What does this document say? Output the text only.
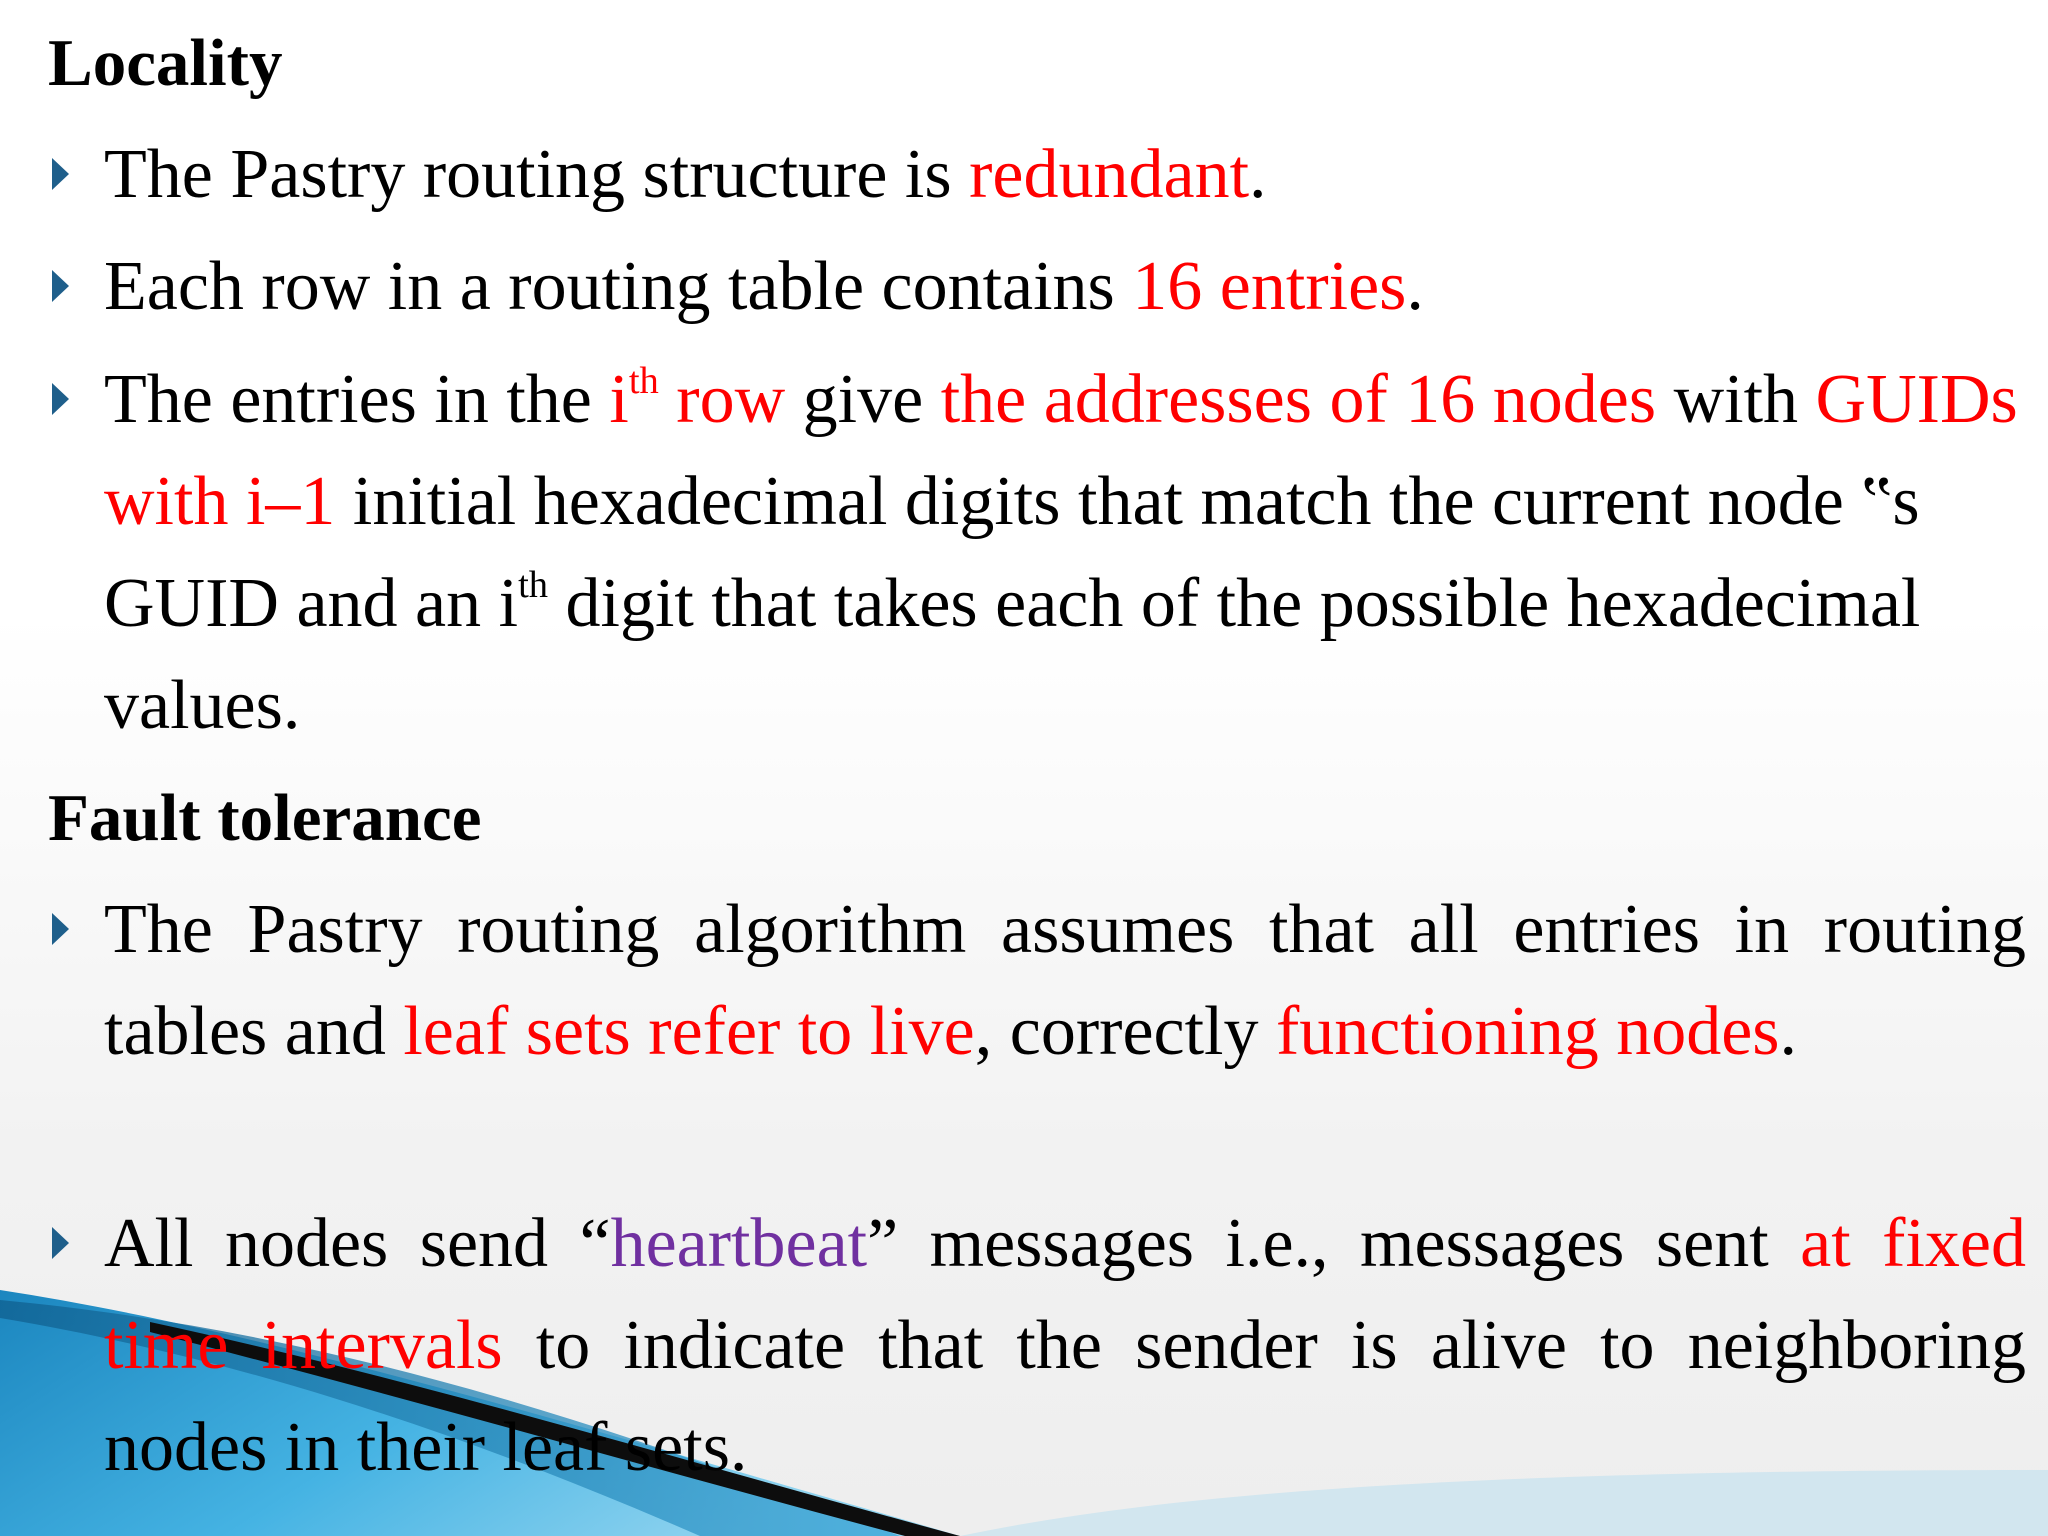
Locality
The Pastry routing structure is redundant.
Each row in a routing table contains 16 entries.
The entries in the $i^{th}$ row give the addresses of 16 nodes with GUIDs with i–1 initial hexadecimal digits that match the current node ‟s GUID and an $i^{th}$ digit that takes each of the possible hexadecimal values.
Fault tolerance
The Pastry routing algorithm assumes that all entries in routing tables and leaf sets refer to live, correctly functioning nodes.
All nodes send “heartbeat” messages i.e., messages sent at fixed time intervals to indicate that the sender is alive to neighboring nodes in their leaf sets.
